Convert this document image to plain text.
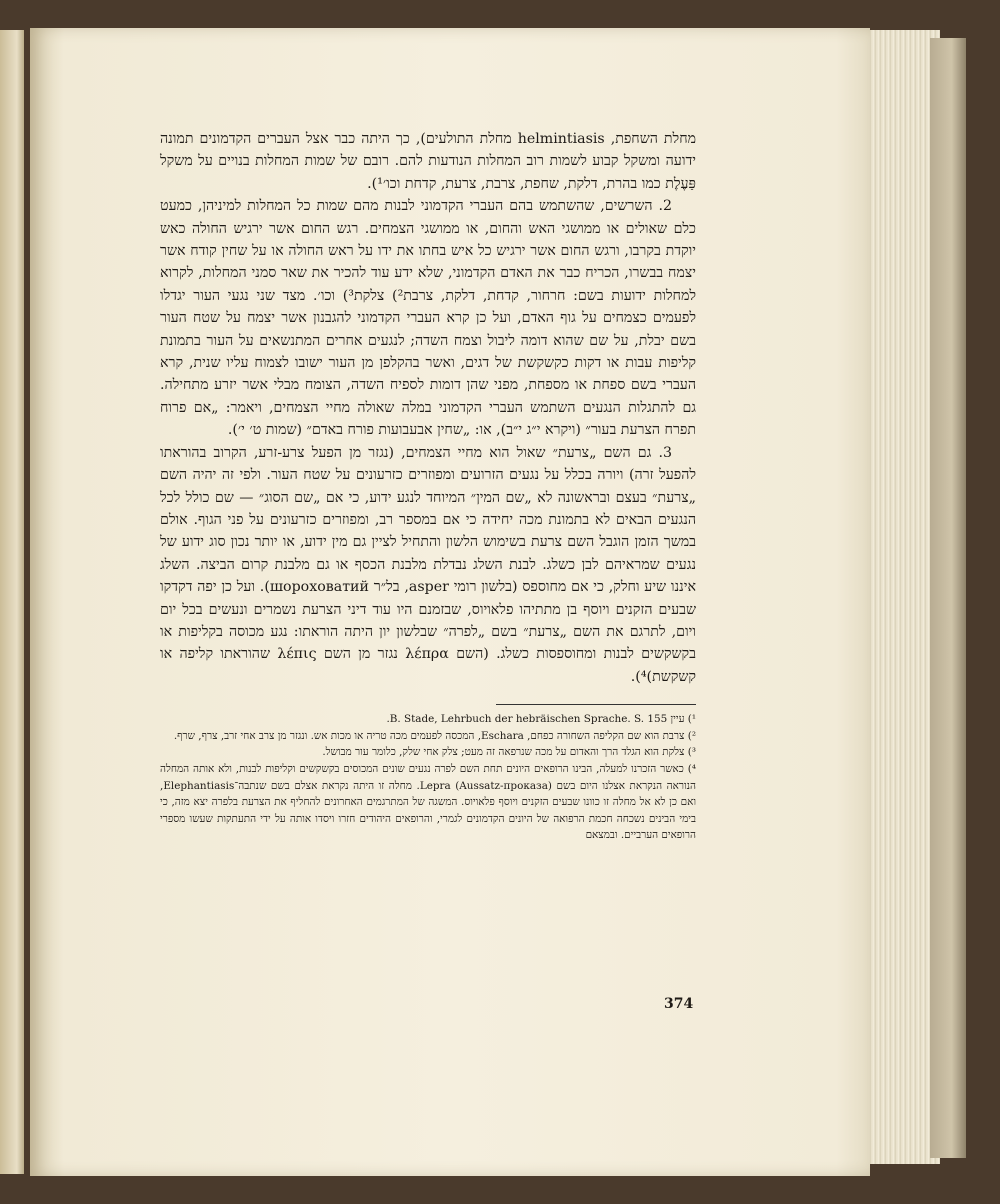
מחלת השחפת, helmintiasis מחלת התולעים), כך היתה כבר אצל העברים הקדמונים תמונה ידועה ומשקל קבוע לשמות רוב המחלות הנודעות להם. רובם של שמות המחלות בנויים על משקל פַּעֶלֶת כמו בהרת, דלקת, שחפת, צרבת, צרעת, קדחת וכו׳¹).

2. השרשים, שהשתמש בהם העברי הקדמוני לבנות מהם שמות כל המחלות למיניהן, כמעט כלם שאולים או ממושגי האש והחום, או ממושגי הצמחים. רגש החום אשר ירגיש החולה כאש יוקדת בקרבו, ורגש החום אשר ירגיש כל איש בחתו את ידו על ראש החולה או על שחין קודח אשר יצמח בבשרו, הכריח כבר את האדם הקדמוני, שלא ידע עוד להכיר את שאר סמני המחלות, לקרוא למחלות ידועות בשם: חרחור, קדחת, דלקת, צרבת²) צלקת³) וכו׳. מצד שני נגעי העור יגדלו לפעמים כצמחים על גוף האדם, ועל כן קרא העברי הקדמוני להגבנון אשר יצמח על שטח העור בשם יבלת, על שם שהוא דומה ליבול וצמח השדה; לנגעים אחרים המתנשאים על העור בתמונת קליפות עבות או דקות כקשקשת של דגים, ואשר בהקלפן מן העור ישובו לצמוח עליו שנית, קרא העברי בשם ספחת או מספחת, מפני שהן דומות לספיח השדה, הצומח מבלי אשר יזרע מתחילה. גם להתגלות הנגעים השתמש העברי הקדמוני במלה שאולה מחיי הצמחים, ויאמר: „אם פרוח תפרח הצרעת בעור״ (ויקרא י״ג י״ב), או: „שחין אבעבועות פורח באדם״ (שמות ט׳ י׳).

3. גם השם „צרעת״ שאול הוא מחיי הצמחים, (נגזר מן הפעל צרע-זרע, הקרוב בהוראתו להפעל זרה) ויורה בכלל על נגעים הזרועים ומפוזרים כזרעונים על שטח העור. ולפי זה יהיה השם „צרעת״ בעצם ובראשונה לא „שם המין״ המיוחד לנגע ידוע, כי אם „שם הסוג״ — שם כולל לכל הנגעים הבאים לא בתמונת מכה יחידה כי אם במספר רב, ומפוזרים כזרעונים על פני הגוף. אולם במשך הזמן הוגבל השם צרעת בשימוש הלשון והתחיל לציין גם מין ידוע, או יותר נכון סוג ידוע של נגעים שמראיהם לבן כשלג. לבנת השלג נבדלת מלבנת הכסף או גם מלבנת קרום הביצה. השלג איננו שיע וחלק, כי אם מחוספס (בלשון רומי asper, בל״ר шороховатий). ועל כן יפה דקדקו שבעים הזקנים ויוסף בן מתתיהו פלאויוס, שבזמנם היו עוד דיני הצרעת נשמרים ונעשים בכל יום ויום, לתרגם את השם „צרעת״ בשם „לפרה״ שבלשון יון היתה הוראתו: נגע מכוסה בקליפות או בקשקשים לבנות ומחוספסות כשלג. (השם λέπρα נגזר מן השם λέπις שהוראתו קליפה או קשקשת)⁴).

¹) עיין B. Stade, Lehrbuch der hebräischen Sprache. S. 155.

²) צרבת הוא שם הקליפה השחורה כפחם, Eschara, המכסה לפעמים מכה טריה או מכות אש. ונגזר מן צרב אחי זרב, צרף, שרף.

³) צלקת הוא הגלד הרך והאדום על מכה שנרפאה זה מעט; צלק אחי שלק, כלומר עור מבושל.

⁴) כאשר הזכרנו למעלה, הבינו הרופאים היונים תחת השם לפרה נגעים שונים המכוסים בקשקשים וקליפות לבנות, ולא אותה המחלה הנוראה הנקראת אצלנו היום בשם Lepra (Aussatz-проказа). מחלה זו היתה נקראת אצלם בשם שנתבה־Elephantiasis, ואם כן לא אל מחלה זו כוונו שבעים הזקנים ויוסף פלאויוס. המשגה של המתרגמים האחרונים להחליף את הצרעת בלפרה יצא מזה, כי בימי הבינים נשכחה חכמת הרפואה של היונים הקדמונים לגמרי, והרופאים היהודים חזרו ויסדו אותה על ידי התעתקות שעשו מספרי הרופאים הערביים. ובמצאם

374
